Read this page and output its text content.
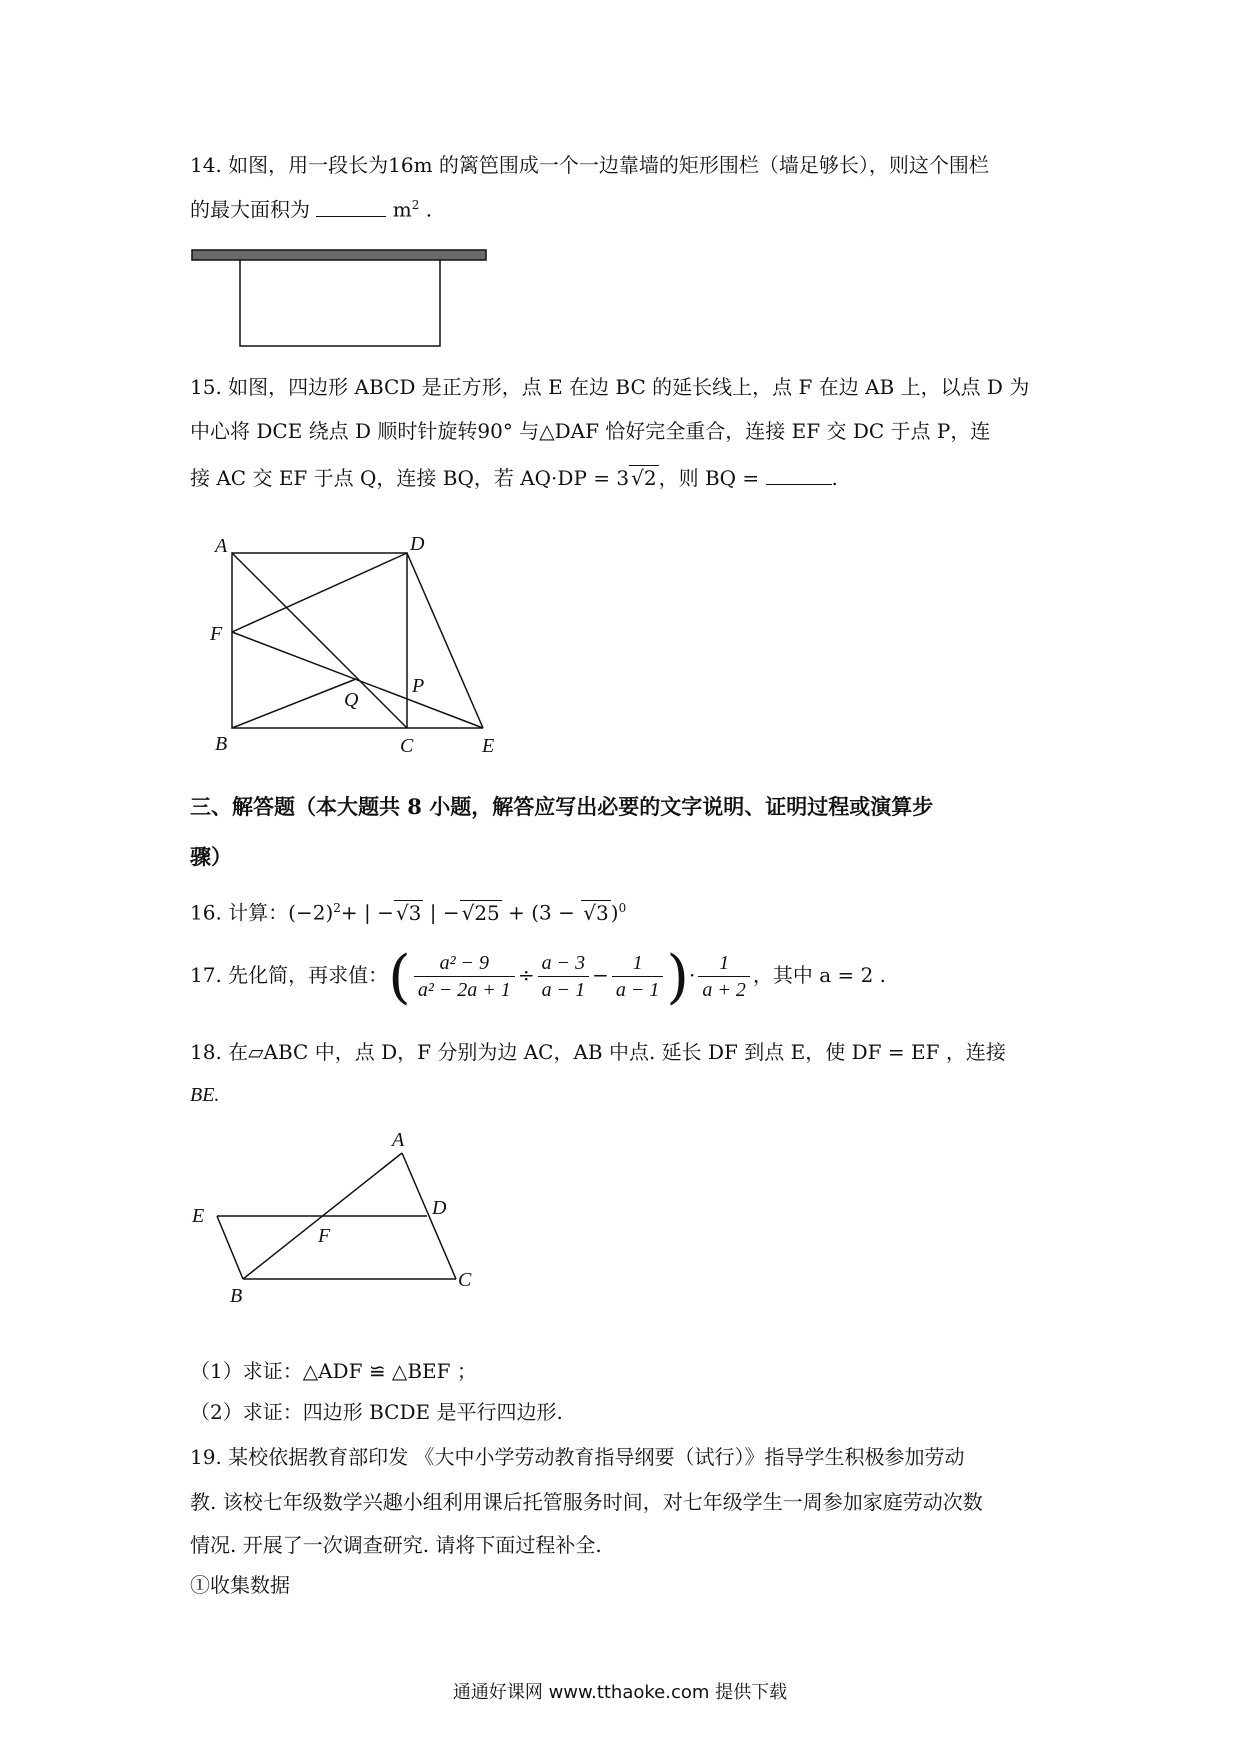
14. 如图，用一段长为16m 的篱笆围成一个一边靠墙的矩形围栏（墙足够长），则这个围栏
的最大面积为	$m^2$ .
15. 如图，四边形 ABCD 是正方形，点 E 在边 BC 的延长线上，点 F 在边 AB 上，以点 D 为
中心将 DCE 绕点 D 顺时针旋转90° 与△DAF 恰好完全重合，连接 EF 交 DC 于点 P，连
接 AC 交 EF 于点 Q，连接 BQ，若 AQ·DP = 3 √2 ，则 BQ =	.
A	D
F
P
Q
B	C	E
三、解答题（本大题共 8 小题，解答应写出必要的文字说明、证明过程或演算步
骤）
16. 计算：$(-2)^2+$ | − √3 | − √25 + (3 − √3 )$^0$
17. 先化简，再求值：( $\frac{\text{a² − 9}}{\text{a² − 2a + 1}} \div \frac{a - 3}{a - 1} - \frac{1}{a - 1}$ )· $\frac{1}{a + 2}$ ，其中 a = 2 .
18. 在▱ABC 中，点 D，F 分别为边 AC，AB 中点. 延长 DF 到点 E，使 DF = EF ，连接
BE.
A
E	D
F
B
C
（1）求证：△ADF ≌ △BEF ；
（2）求证：四边形 BCDE 是平行四边形.
19. 某校依据教育部印发 《大中小学劳动教育指导纲要（试行）》指导学生积极参加劳动
教. 该校七年级数学兴趣小组利用课后托管服务时间，对七年级学生一周参加家庭劳动次数
情况. 开展了一次调查研究. 请将下面过程补全.
①收集数据
通通好课网 www.tthaoke.com 提供下载
